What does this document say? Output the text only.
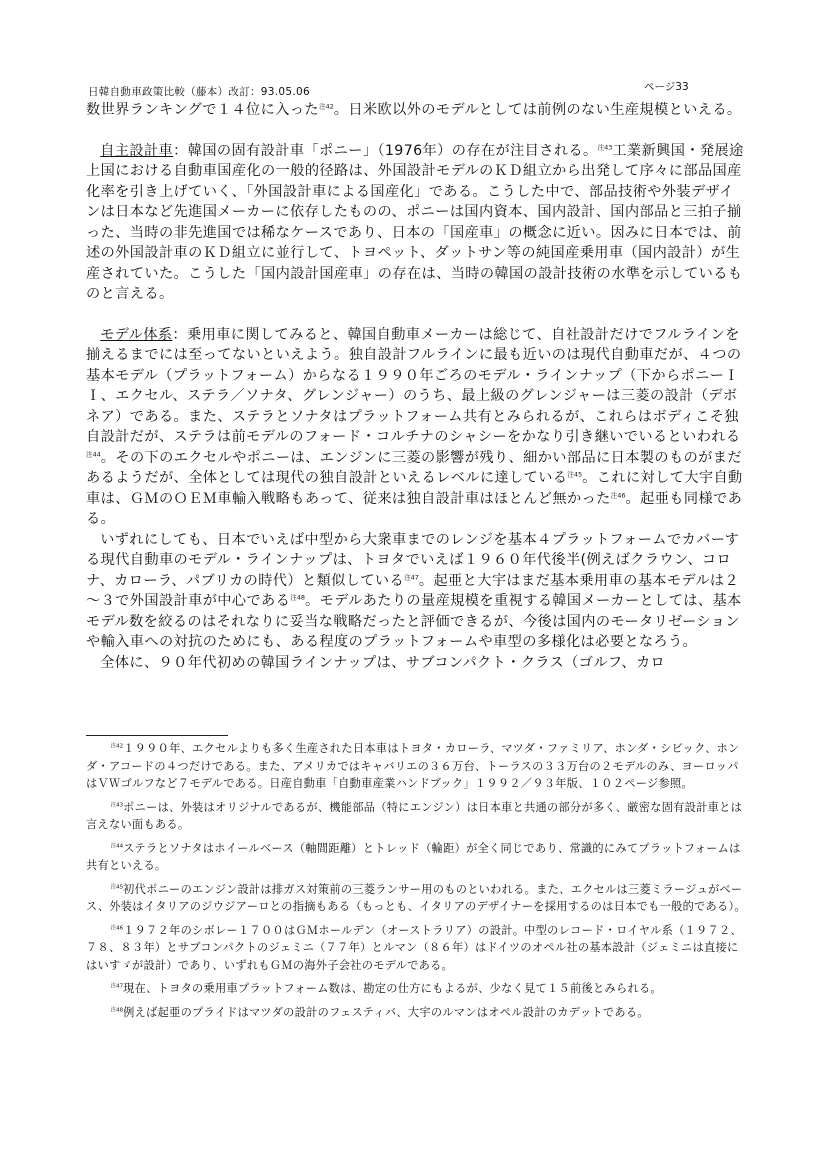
日韓自動車政策比較（藤本）改訂：93.05.06	ページ33

数世界ランキングで１４位に入った$^{注42}$。日米欧以外のモデルとしては前例のない生産規模といえる。

自主設計車：韓国の固有設計車「ポニー」（1976年）の存在が注目される。$^{注43}$工業新興国・発展途上国における自動車国産化の一般的径路は、外国設計モデルのＫＤ組立から出発して序々に部品国産化率を引き上げていく、「外国設計車による国産化」である。こうした中で、部品技術や外装デザインは日本など先進国メーカーに依存したものの、ポニーは国内資本、国内設計、国内部品と三拍子揃った、当時の非先進国では稀なケースであり、日本の「国産車」の概念に近い。因みに日本では、前述の外国設計車のＫＤ組立に並行して、トヨペット、ダットサン等の純国産乗用車（国内設計）が生産されていた。こうした「国内設計国産車」の存在は、当時の韓国の設計技術の水準を示しているものと言える。

モデル体系：乗用車に関してみると、韓国自動車メーカーは総じて、自社設計だけでフルラインを揃えるまでには至ってないといえよう。独自設計フルラインに最も近いのは現代自動車だが、４つの基本モデル（プラットフォーム）からなる１９９０年ごろのモデル・ラインナップ（下からポニーＩＩ、エクセル、ステラ／ソナタ、グレンジャー）のうち、最上級のグレンジャーは三菱の設計（デボネア）である。また、ステラとソナタはプラットフォーム共有とみられるが、これらはボディこそ独自設計だが、ステラは前モデルのフォード・コルチナのシャシーをかなり引き継いでいるといわれる$^{注44}$。その下のエクセルやポニーは、エンジンに三菱の影響が残り、細かい部品に日本製のものがまだあるようだが、全体としては現代の独自設計といえるレベルに達している$^{注45}$。これに対して大宇自動車は、ＧＭのＯＥＭ車輸入戦略もあって、従来は独自設計車はほとんど無かった$^{注46}$。起亜も同様である。

いずれにしても、日本でいえば中型から大衆車までのレンジを基本４プラットフォームでカバーする現代自動車のモデル・ラインナップは、トヨタでいえば１９６０年代後半(例えばクラウン、コロナ、カローラ、パブリカの時代）と類似している$^{注47}$。起亜と大宇はまだ基本乗用車の基本モデルは２～３で外国設計車が中心である$^{注48}$。モデルあたりの量産規模を重視する韓国メーカーとしては、基本モデル数を絞るのはそれなりに妥当な戦略だったと評価できるが、今後は国内のモータリゼーションや輸入車への対抗のためにも、ある程度のプラットフォームや車型の多様化は必要となろう。

全体に、９０年代初めの韓国ラインナップは、サブコンパクト・クラス（ゴルフ、カロ

$^{注42}$１９９０年、エクセルよりも多く生産された日本車はトヨタ・カローラ、マツダ・ファミリア、ホンダ・シビック、ホンダ・アコードの４つだけである。また、アメリカではキャバリエの３６万台、トーラスの３３万台の２モデルのみ、ヨーロッパはＶＷゴルフなど７モデルである。日産自動車「自動車産業ハンドブック」１９９２／９３年版、１０２ページ参照。

$^{注43}$ポニーは、外装はオリジナルであるが、機能部品（特にエンジン）は日本車と共通の部分が多く、厳密な固有設計車とは言えない面もある。

$^{注44}$ステラとソナタはホイールベース（軸間距離）とトレッド（輪距）が全く同じであり、常識的にみてプラットフォームは共有といえる。

$^{注45}$初代ポニーのエンジン設計は排ガス対策前の三菱ランサー用のものといわれる。また、エクセルは三菱ミラージュがベース、外装はイタリアのジウジアーロとの指摘もある（もっとも、イタリアのデザイナーを採用するのは日本でも一般的である）。

$^{注46}$１９７２年のシボレー１７００はＧＭホールデン（オーストラリア）の設計。中型のレコード・ロイヤル系（１９７２、７８、８３年）とサブコンパクトのジェミニ（７７年）とルマン（８６年）はドイツのオペル社の基本設計（ジェミニは直接にはいすゞが設計）であり、いずれもＧＭの海外子会社のモデルである。

$^{注47}$現在、トヨタの乗用車プラットフォーム数は、勘定の仕方にもよるが、少なく見て１５前後とみられる。

$^{注48}$例えば起亜のプライドはマツダの設計のフェスティバ、大宇のルマンはオペル設計のカデットである。
